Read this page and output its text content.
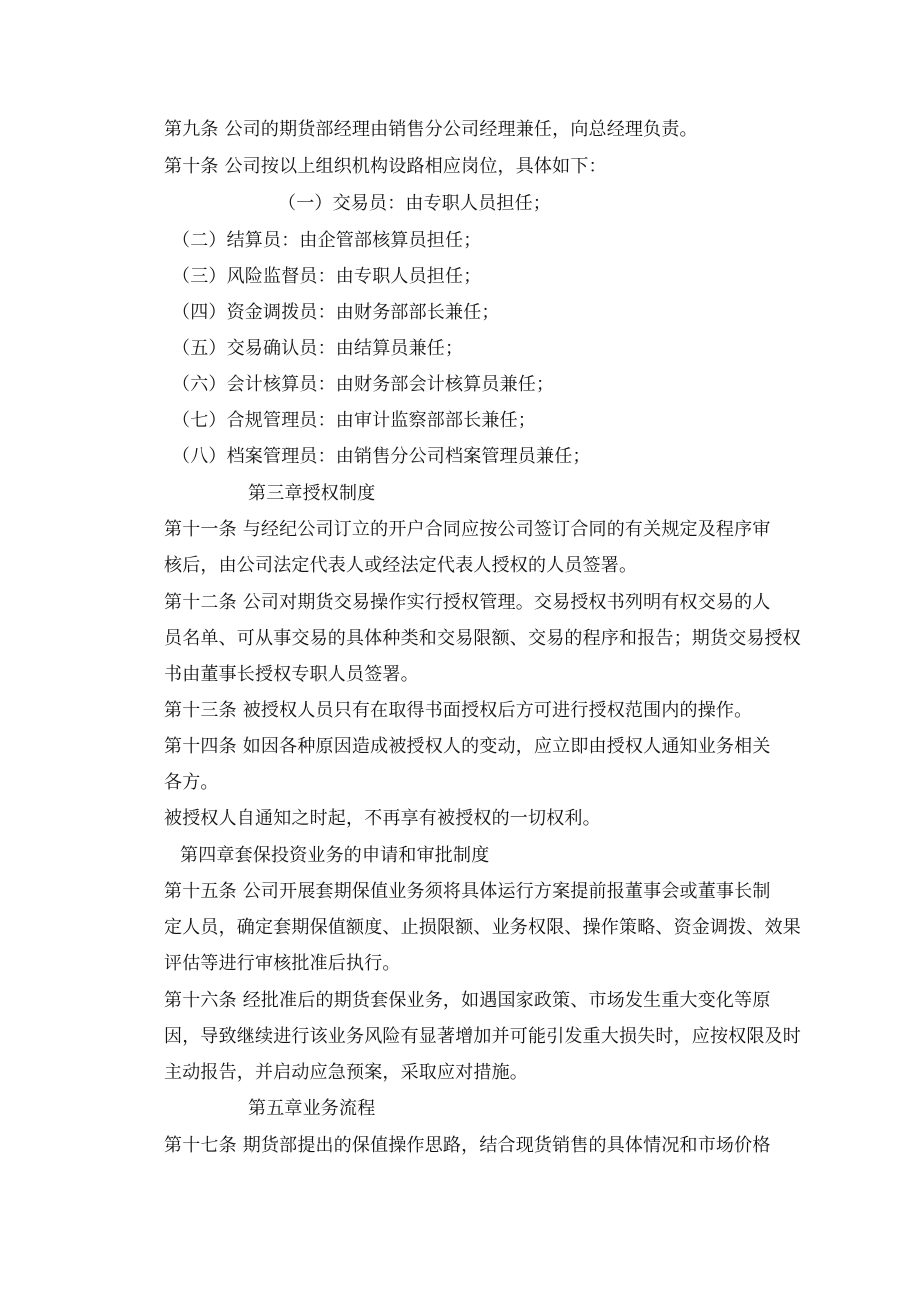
第九条 公司的期货部经理由销售分公司经理兼任，向总经理负责。
第十条 公司按以上组织机构设路相应岗位，具体如下：
（一）交易员：由专职人员担任；
（二）结算员：由企管部核算员担任；
（三）风险监督员：由专职人员担任；
（四）资金调拨员：由财务部部长兼任；
（五）交易确认员：由结算员兼任；
（六）会计核算员：由财务部会计核算员兼任；
（七）合规管理员：由审计监察部部长兼任；
（八）档案管理员：由销售分公司档案管理员兼任；
第三章授权制度
第十一条 与经纪公司订立的开户合同应按公司签订合同的有关规定及程序审
核后，由公司法定代表人或经法定代表人授权的人员签署。
第十二条 公司对期货交易操作实行授权管理。交易授权书列明有权交易的人
员名单、可从事交易的具体种类和交易限额、交易的程序和报告；期货交易授权
书由董事长授权专职人员签署。
第十三条 被授权人员只有在取得书面授权后方可进行授权范围内的操作。
第十四条 如因各种原因造成被授权人的变动，应立即由授权人通知业务相关
各方。
被授权人自通知之时起，不再享有被授权的一切权利。
第四章套保投资业务的申请和审批制度
第十五条 公司开展套期保值业务须将具体运行方案提前报董事会或董事长制
定人员，确定套期保值额度、止损限额、业务权限、操作策略、资金调拨、效果
评估等进行审核批准后执行。
第十六条 经批准后的期货套保业务，如遇国家政策、市场发生重大变化等原
因，导致继续进行该业务风险有显著增加并可能引发重大损失时，应按权限及时
主动报告，并启动应急预案，采取应对措施。
第五章业务流程
第十七条 期货部提出的保值操作思路，结合现货销售的具体情况和市场价格
